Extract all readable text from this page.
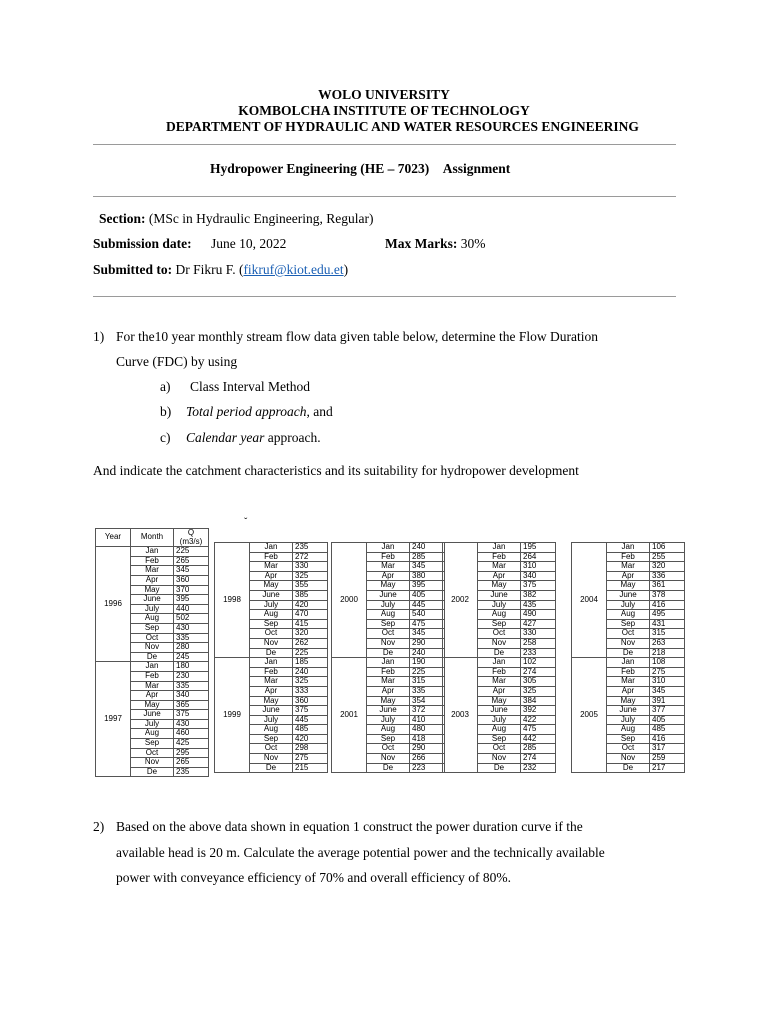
WOLO UNIVERSITY
KOMBOLCHA INSTITUTE OF TECHNOLOGY
DEPARTMENT OF HYDRAULIC AND WATER RESOURCES ENGINEERING
Hydropower Engineering (HE – 7023) Assignment
Section: (MSc in Hydraulic Engineering, Regular)
Submission date: June 10, 2022	Max Marks: 30%
Submitted to: Dr Fikru F. (fikruf@kiot.edu.et)
1) For the10 year monthly stream flow data given table below, determine the Flow Duration
Curve (FDC) by using
a) Class Interval Method
b) Total period approach, and
c) Calendar year approach.
And indicate the catchment characteristics and its suitability for hydropower development
ˇ
Year	Month	Q (m3/s)
1996	Jan	225
	Feb	265
	Mar	345
	Apr	360
	May	370
	June	395
	July	440
	Aug	502
	Sep	430
	Oct	335
	Nov	280
	De	245
1997	Jan	180
	Feb	230
	Mar	335
	Apr	340
	May	365
	June	375
	July	430
	Aug	460
	Sep	425
	Oct	295
	Nov	265
	De	235
1998	Jan	235
	Feb	272
	Mar	330
	Apr	325
	May	355
	June	385
	July	420
	Aug	470
	Sep	415
	Oct	320
	Nov	262
	De	225
1999	Jan	185
	Feb	240
	Mar	325
	Apr	333
	May	360
	June	375
	July	445
	Aug	485
	Sep	420
	Oct	298
	Nov	275
	De	215
2000	Jan	240
	Feb	285
	Mar	345
	Apr	380
	May	395
	June	405
	July	445
	Aug	540
	Sep	475
	Oct	345
	Nov	290
	De	240
2001	Jan	190
	Feb	225
	Mar	315
	Apr	335
	May	354
	June	372
	July	410
	Aug	480
	Sep	418
	Oct	290
	Nov	266
	De	223
2002	Jan	195
	Feb	264
	Mar	310
	Apr	340
	May	375
	June	382
	July	435
	Aug	490
	Sep	427
	Oct	330
	Nov	258
	De	233
2003	Jan	102
	Feb	274
	Mar	305
	Apr	325
	May	384
	June	392
	July	422
	Aug	475
	Sep	442
	Oct	285
	Nov	274
	De	232
2004	Jan	106
	Feb	255
	Mar	320
	Apr	336
	May	361
	June	378
	July	416
	Aug	495
	Sep	431
	Oct	315
	Nov	263
	De	218
2005	Jan	108
	Feb	275
	Mar	310
	Apr	345
	May	391
	June	377
	July	405
	Aug	485
	Sep	416
	Oct	317
	Nov	259
	De	217
2) Based on the above data shown in equation 1 construct the power duration curve if the
available head is 20 m. Calculate the average potential power and the technically available
power with conveyance efficiency of 70% and overall efficiency of 80%.
